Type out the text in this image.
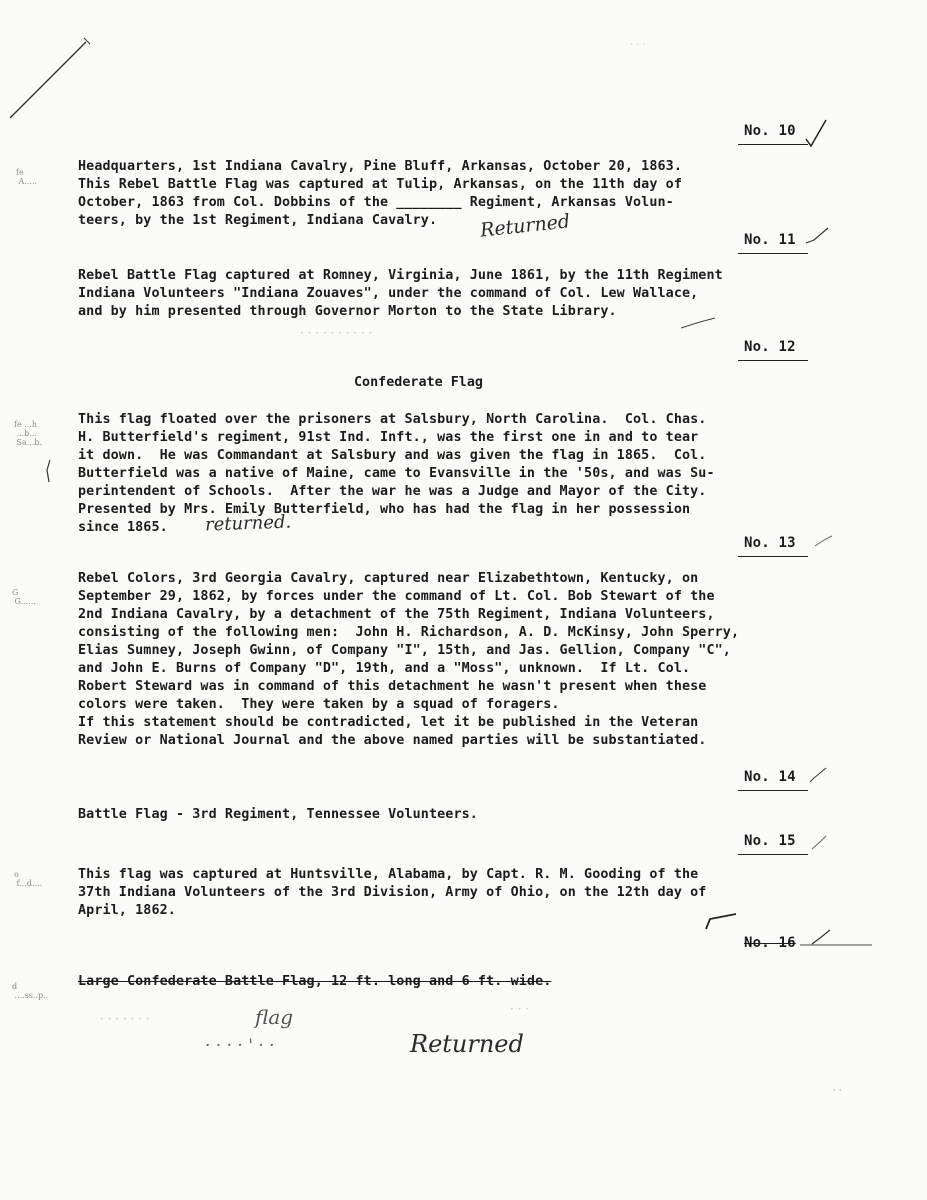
· · ·
No. 10
fe
A.....
Headquarters, 1st Indiana Cavalry, Pine Bluff, Arkansas, October 20, 1863.
This Rebel Battle Flag was captured at Tulip, Arkansas, on the 11th day of
October, 1863 from Col. Dobbins of the ________ Regiment, Arkansas Volun-
teers, by the 1st Regiment, Indiana Cavalry.	Returned	No. 11
Rebel Battle Flag captured at Romney, Virginia, June 1861, by the 11th Regiment
Indiana Volunteers "Indiana Zouaves", under the command of Col. Lew Wallace,
and by him presented through Governor Morton to the State Library.
· · · · · · · · · ·
No. 12
Confederate Flag
fe ...h
...b...
Sa...b.
This flag floated over the prisoners at Salsbury, North Carolina.  Col. Chas.
H. Butterfield's regiment, 91st Ind. Inft., was the first one in and to tear
it down.  He was Commandant at Salsbury and was given the flag in 1865.  Col.
Butterfield was a native of Maine, came to Evansville in the '50s, and was Su-
perintendent of Schools.  After the war he was a Judge and Mayor of the City.
Presented by Mrs. Emily Butterfield, who has had the flag in her possession
since 1865.	returned.
No. 13
G
G......
Rebel Colors, 3rd Georgia Cavalry, captured near Elizabethtown, Kentucky, on
September 29, 1862, by forces under the command of Lt. Col. Bob Stewart of the
2nd Indiana Cavalry, by a detachment of the 75th Regiment, Indiana Volunteers,
consisting of the following men:  John H. Richardson, A. D. McKinsy, John Sperry,
Elias Sumney, Joseph Gwinn, of Company "I", 15th, and Jas. Gellion, Company "C",
and John E. Burns of Company "D", 19th, and a "Moss", unknown.  If Lt. Col.
Robert Steward was in command of this detachment he wasn't present when these
colors were taken.  They were taken by a squad of foragers.
If this statement should be contradicted, let it be published in the Veteran
Review or National Journal and the above named parties will be substantiated.
No. 14
Battle Flag - 3rd Regiment, Tennessee Volunteers.
No. 15
o
f...d....
This flag was captured at Huntsville, Alabama, by Capt. R. M. Gooding of the
37th Indiana Volunteers of the 3rd Division, Army of Ohio, on the 12th day of
April, 1862.
No. 16
d
....ss..p..
Large Confederate Battle Flag, 12 ft. long and 6 ft. wide.
flag
· · · · ' · ·	Returned
· · · · · · ·
· · ·
· ·
